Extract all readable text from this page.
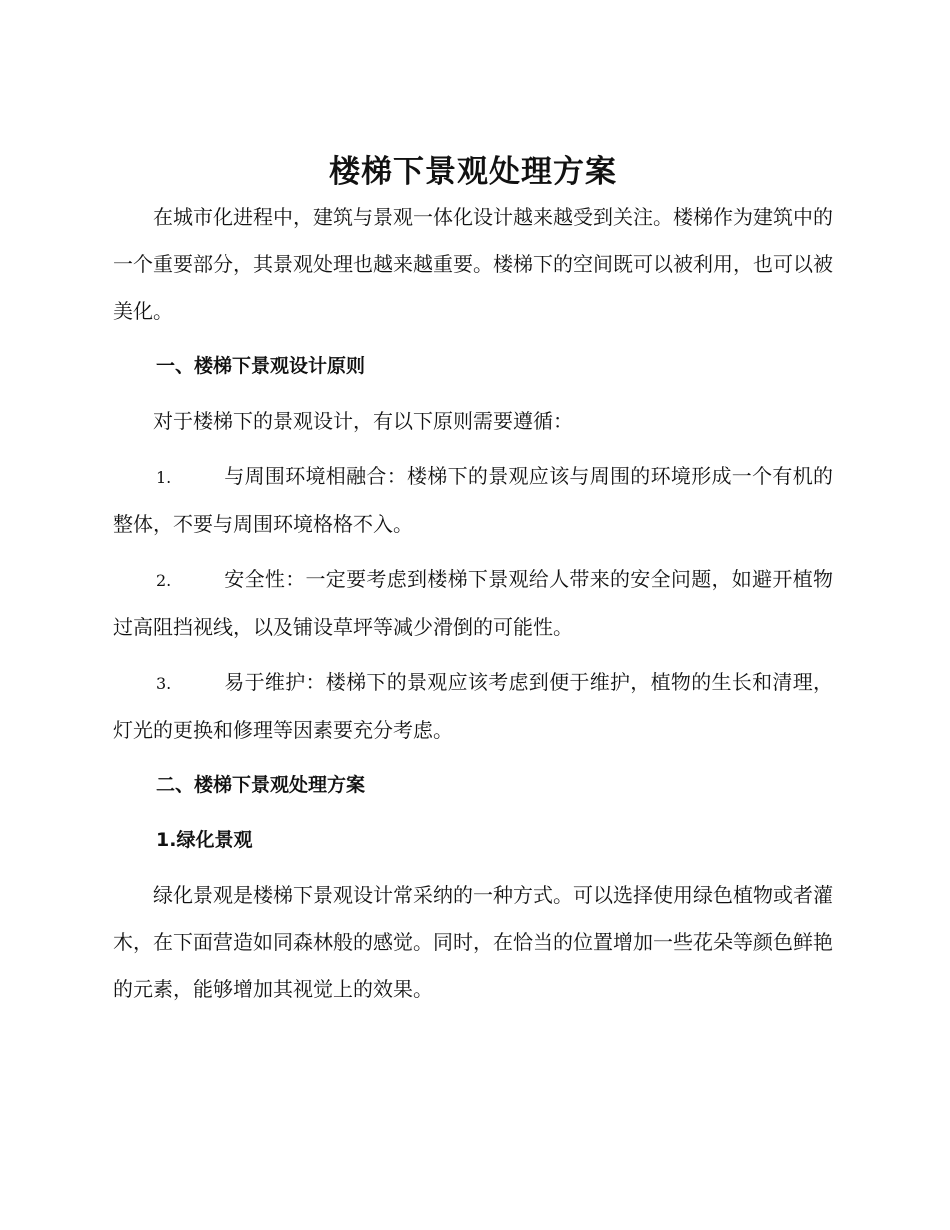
楼梯下景观处理方案

在城市化进程中，建筑与景观一体化设计越来越受到关注。楼梯作为建筑中的一个重要部分，其景观处理也越来越重要。楼梯下的空间既可以被利用，也可以被美化。

一、楼梯下景观设计原则

对于楼梯下的景观设计，有以下原则需要遵循：

1.	与周围环境相融合：楼梯下的景观应该与周围的环境形成一个有机的整体，不要与周围环境格格不入。

2.	安全性：一定要考虑到楼梯下景观给人带来的安全问题，如避开植物过高阻挡视线，以及铺设草坪等减少滑倒的可能性。

3.	易于维护：楼梯下的景观应该考虑到便于维护，植物的生长和清理，灯光的更换和修理等因素要充分考虑。

二、楼梯下景观处理方案
1.绿化景观

绿化景观是楼梯下景观设计常采纳的一种方式。可以选择使用绿色植物或者灌木，在下面营造如同森林般的感觉。同时，在恰当的位置增加一些花朵等颜色鲜艳的元素，能够增加其视觉上的效果。
